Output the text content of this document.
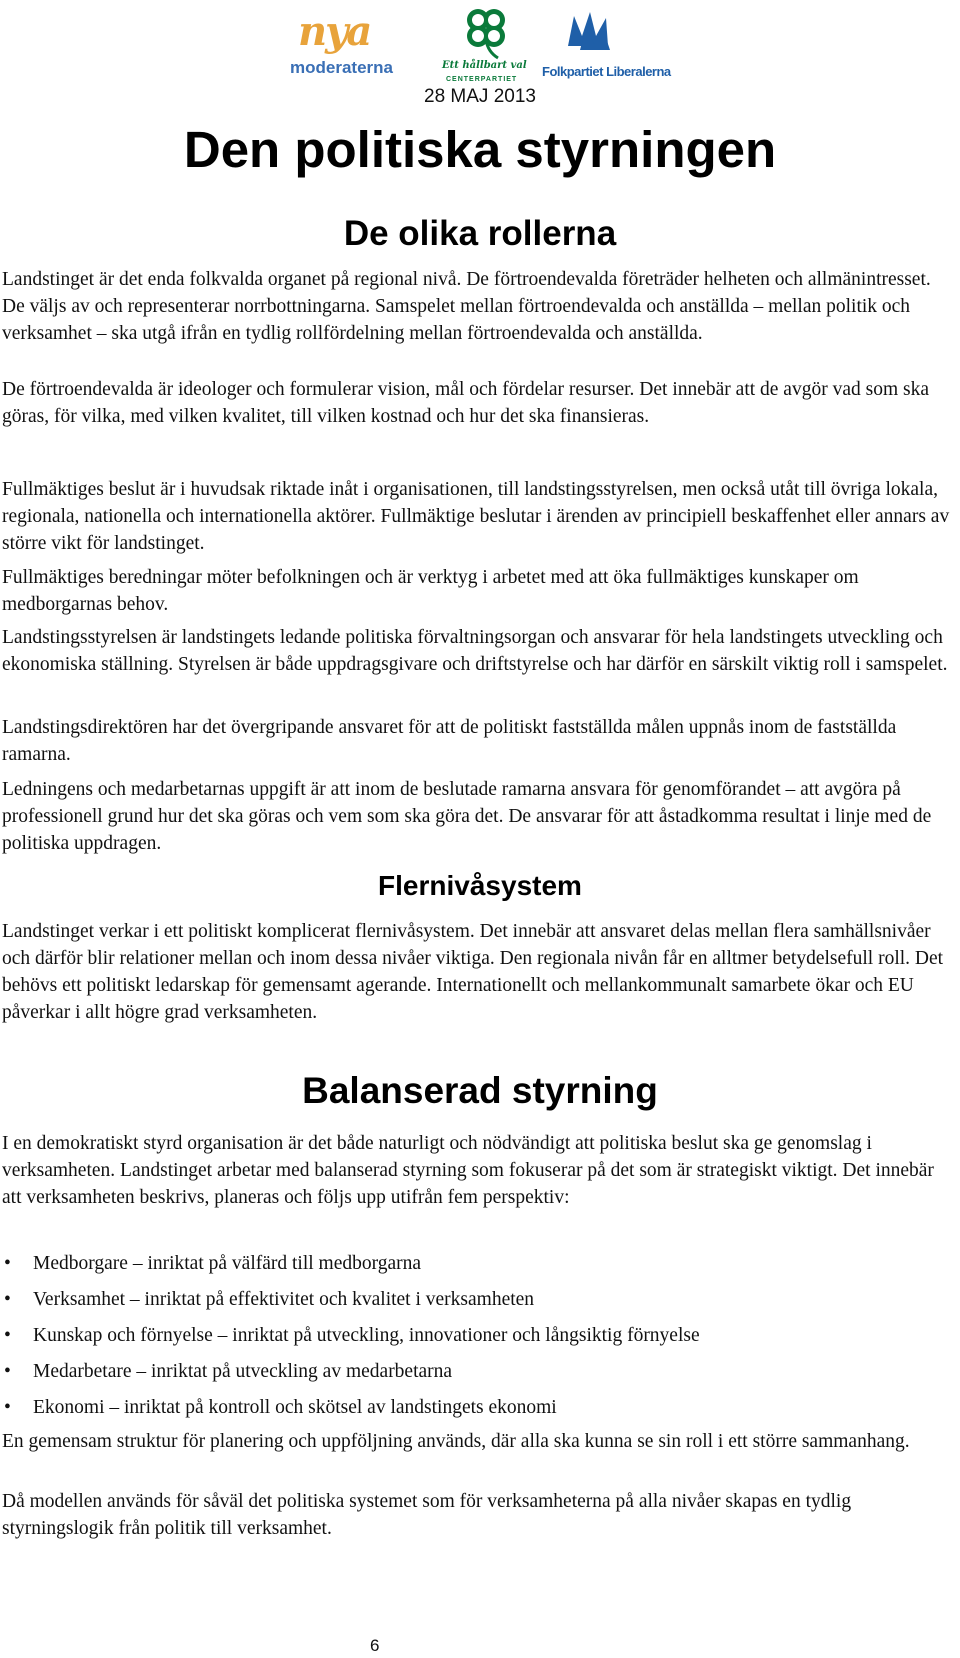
nya
moderaterna	Ett hållbart val
CENTERPARTIET
Folkpartiet Liberalerna
28 MAJ 2013
Den politiska styrningen
De olika rollerna

Landstinget är det enda folkvalda organet på regional nivå. De förtroendevalda företräder helheten och allmänintresset. De väljs av och representerar norrbottningarna. Samspelet mellan förtroendevalda och anställda – mellan politik och verksamhet – ska utgå ifrån en tydlig rollfördelning mellan förtroendevalda och anställda.

De förtroendevalda är ideologer och formulerar vision, mål och fördelar resurser. Det innebär att de avgör vad som ska göras, för vilka, med vilken kvalitet, till vilken kostnad och hur det ska finansieras.

Fullmäktiges beslut är i huvudsak riktade inåt i organisationen, till landstingsstyrelsen, men också utåt till övriga lokala, regionala, nationella och internationella aktörer. Fullmäktige beslutar i ärenden av principiell beskaffenhet eller annars av större vikt för landstinget.

Fullmäktiges beredningar möter befolkningen och är verktyg i arbetet med att öka fullmäktiges kunskaper om medborgarnas behov.

Landstingsstyrelsen är landstingets ledande politiska förvaltningsorgan och ansvarar för hela landstingets utveckling och ekonomiska ställning. Styrelsen är både uppdragsgivare och driftstyrelse och har därför en särskilt viktig roll i samspelet.

Landstingsdirektören har det övergripande ansvaret för att de politiskt fastställda målen uppnås inom de fastställda ramarna.

Ledningens och medarbetarnas uppgift är att inom de beslutade ramarna ansvara för genomförandet – att avgöra på professionell grund hur det ska göras och vem som ska göra det. De ansvarar för att åstadkomma resultat i linje med de politiska uppdragen.

Flernivåsystem

Landstinget verkar i ett politiskt komplicerat flernivåsystem. Det innebär att ansvaret delas mellan flera samhällsnivåer och därför blir relationer mellan och inom dessa nivåer viktiga. Den regionala nivån får en alltmer betydelsefull roll. Det behövs ett politiskt ledarskap för gemensamt agerande. Internationellt och mellankommunalt samarbete ökar och EU påverkar i allt högre grad verksamheten.

Balanserad styrning

I en demokratiskt styrd organisation är det både naturligt och nödvändigt att politiska beslut ska ge genomslag i verksamheten. Landstinget arbetar med balanserad styrning som fokuserar på det som är strategiskt viktigt. Det innebär att verksamheten beskrivs, planeras och följs upp utifrån fem perspektiv:

• Medborgare – inriktat på välfärd till medborgarna
• Verksamhet – inriktat på effektivitet och kvalitet i verksamheten
• Kunskap och förnyelse – inriktat på utveckling, innovationer och långsiktig förnyelse
• Medarbetare – inriktat på utveckling av medarbetarna
• Ekonomi – inriktat på kontroll och skötsel av landstingets ekonomi

En gemensam struktur för planering och uppföljning används, där alla ska kunna se sin roll i ett större sammanhang.

Då modellen används för såväl det politiska systemet som för verksamheterna på alla nivåer skapas en tydlig styrningslogik från politik till verksamhet.

6
